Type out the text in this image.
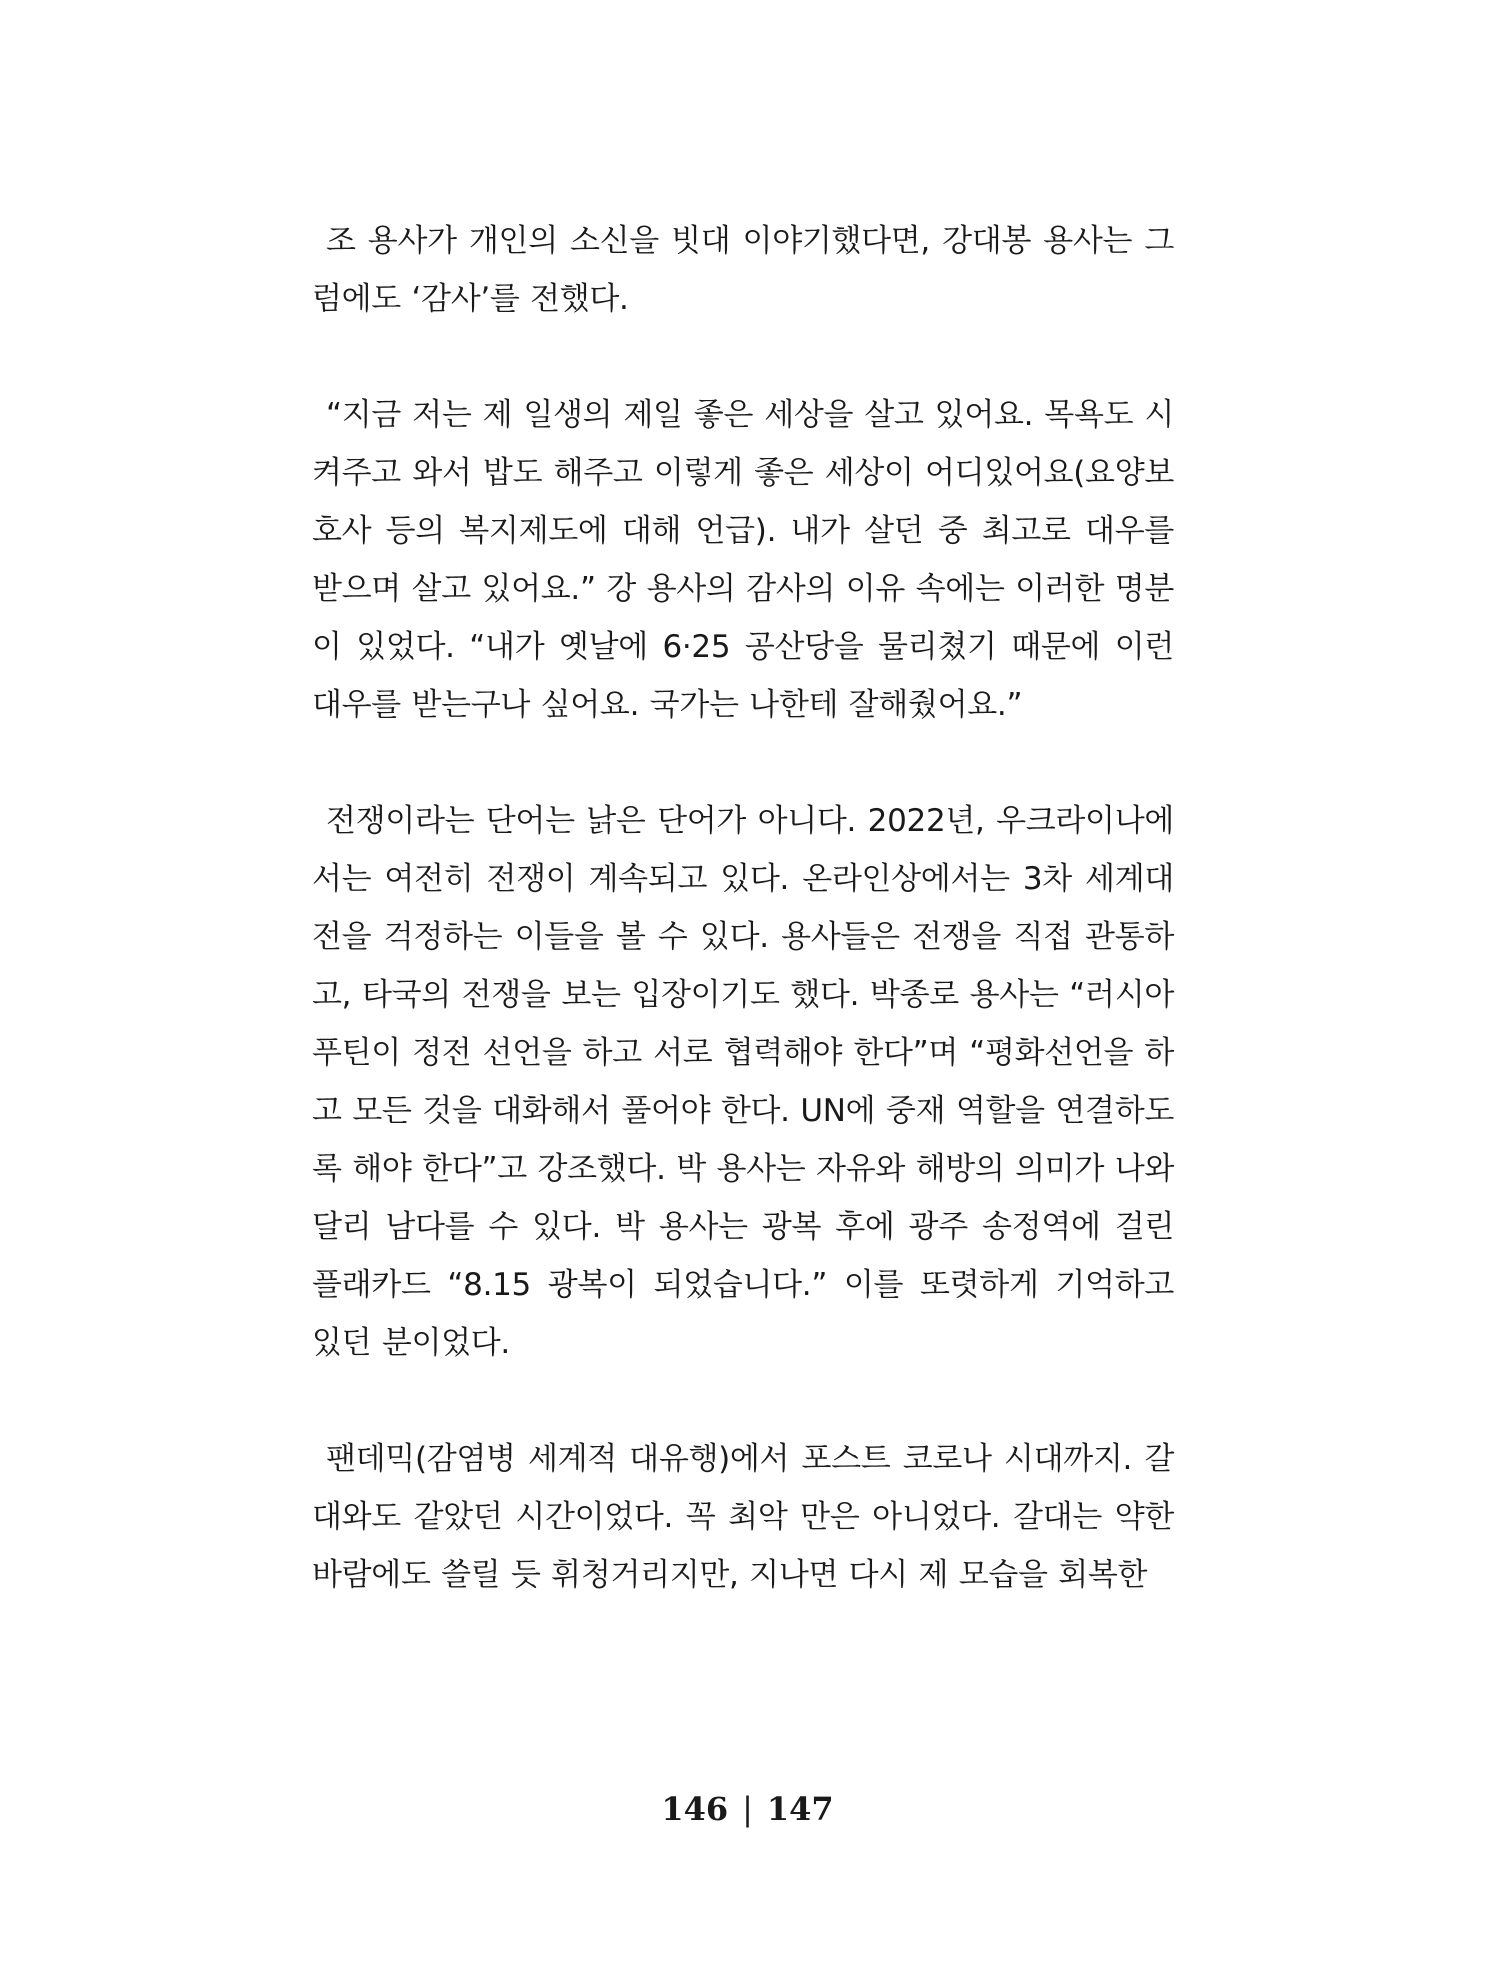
조 용사가 개인의 소신을 빗대 이야기했다면, 강대봉 용사는 그럼에도 ‘감사’를 전했다.

“지금 저는 제 일생의 제일 좋은 세상을 살고 있어요. 목욕도 시켜주고 와서 밥도 해주고 이렇게 좋은 세상이 어디있어요(요양보호사 등의 복지제도에 대해 언급). 내가 살던 중 최고로 대우를 받으며 살고 있어요.” 강 용사의 감사의 이유 속에는 이러한 명분이 있었다. “내가 옛날에 6·25 공산당을 물리쳤기 때문에 이런 대우를 받는구나 싶어요. 국가는 나한테 잘해줬어요.”

전쟁이라는 단어는 낡은 단어가 아니다. 2022년, 우크라이나에서는 여전히 전쟁이 계속되고 있다. 온라인상에서는 3차 세계대전을 걱정하는 이들을 볼 수 있다. 용사들은 전쟁을 직접 관통하고, 타국의 전쟁을 보는 입장이기도 했다. 박종로 용사는 “러시아 푸틴이 정전 선언을 하고 서로 협력해야 한다”며 “평화선언을 하고 모든 것을 대화해서 풀어야 한다. UN에 중재 역할을 연결하도록 해야 한다”고 강조했다. 박 용사는 자유와 해방의 의미가 나와 달리 남다를 수 있다. 박 용사는 광복 후에 광주 송정역에 걸린 플래카드 “8.15 광복이 되었습니다.” 이를 또렷하게 기억하고 있던 분이었다.

팬데믹(감염병 세계적 대유행)에서 포스트 코로나 시대까지. 갈대와도 같았던 시간이었다. 꼭 최악 만은 아니었다. 갈대는 약한 바람에도 쓸릴 듯 휘청거리지만, 지나면 다시 제 모습을 회복한

146 | 147
